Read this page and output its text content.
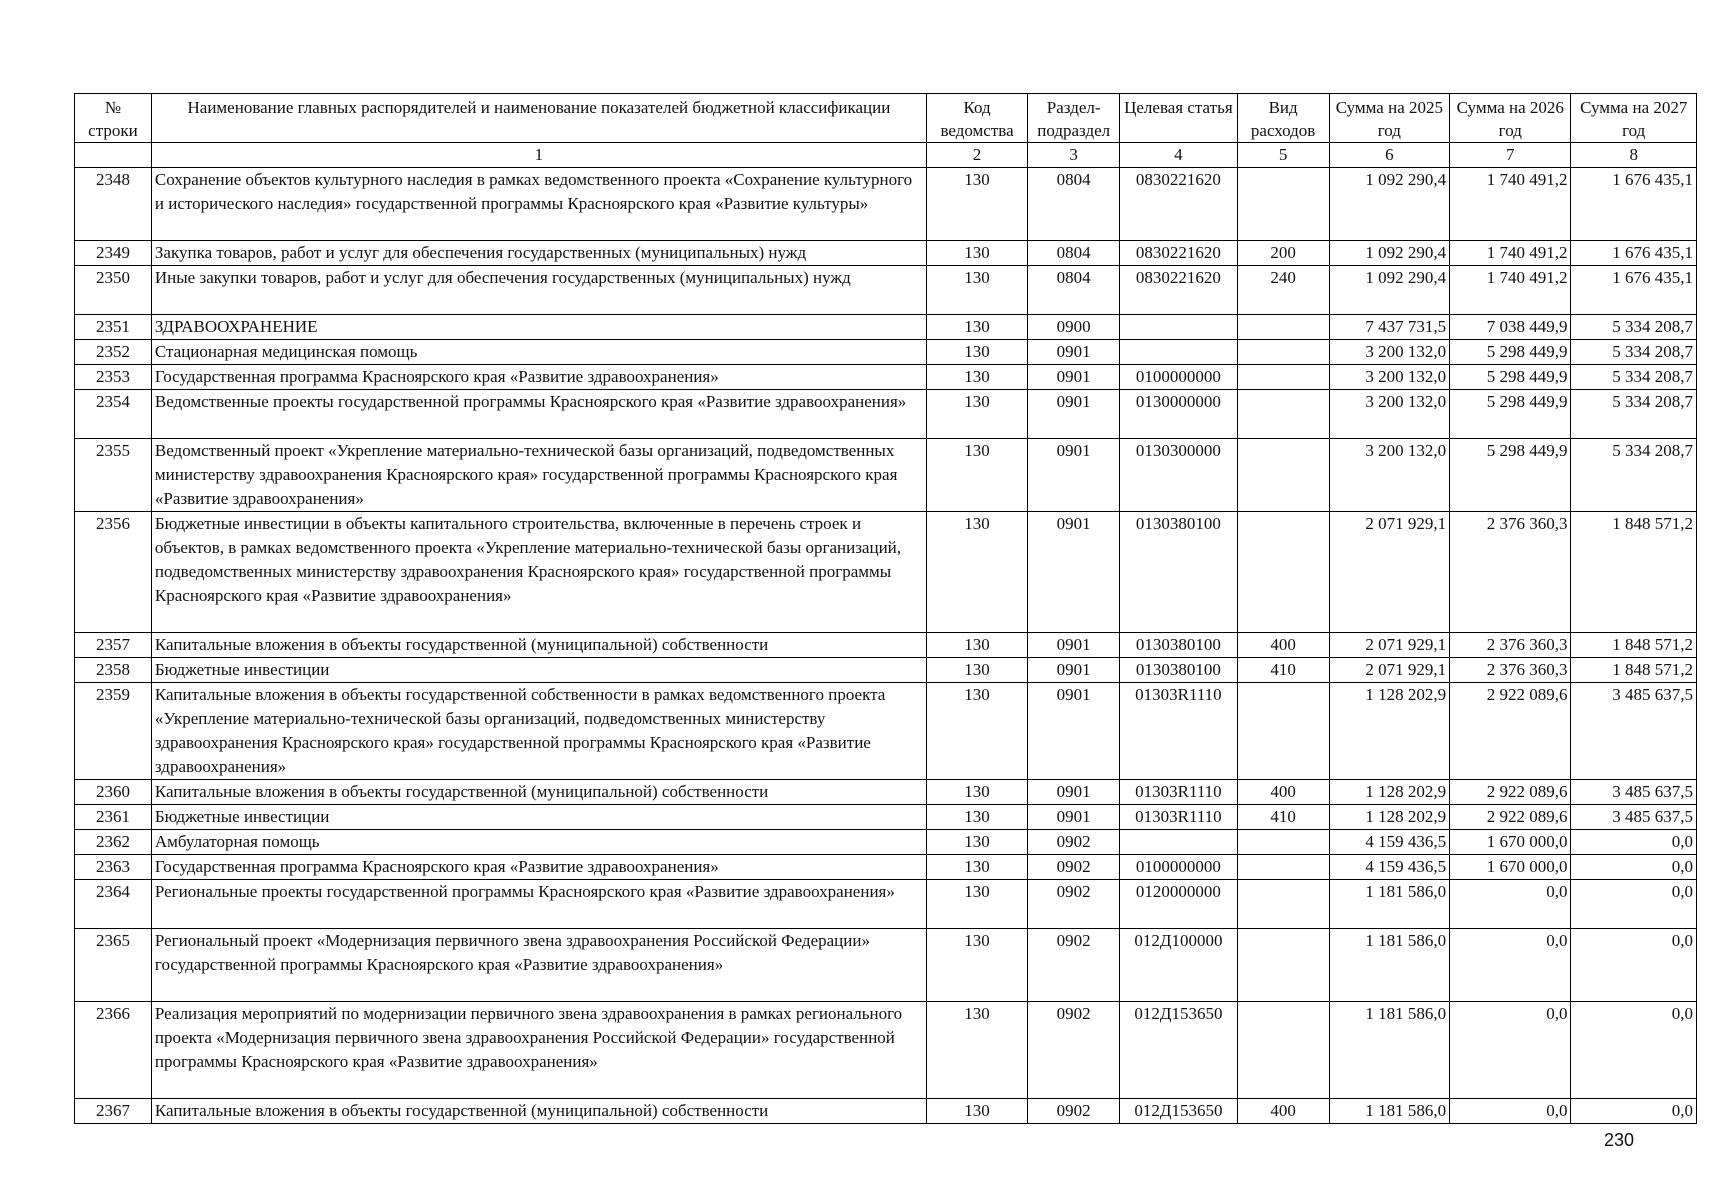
№ строки	Наименование главных распорядителей и наименование показателей бюджетной классификации	Код ведомства	Раздел-подраздел	Целевая статья	Вид расходов	Сумма на 2025 год	Сумма на 2026 год	Сумма на 2027 год
	1	2	3	4	5	6	7	8
2348	Сохранение объектов культурного наследия в рамках ведомственного проекта «Сохранение культурного и исторического наследия» государственной программы Красноярского края «Развитие культуры»	130	0804	0830221620		1 092 290,4	1 740 491,2	1 676 435,1
2349	Закупка товаров, работ и услуг для обеспечения государственных (муниципальных) нужд	130	0804	0830221620	200	1 092 290,4	1 740 491,2	1 676 435,1
2350	Иные закупки товаров, работ и услуг для обеспечения государственных (муниципальных) нужд	130	0804	0830221620	240	1 092 290,4	1 740 491,2	1 676 435,1
2351	ЗДРАВООХРАНЕНИЕ	130	0900			7 437 731,5	7 038 449,9	5 334 208,7
2352	Стационарная медицинская помощь	130	0901			3 200 132,0	5 298 449,9	5 334 208,7
2353	Государственная программа Красноярского края «Развитие здравоохранения»	130	0901	0100000000		3 200 132,0	5 298 449,9	5 334 208,7
2354	Ведомственные проекты государственной программы Красноярского края «Развитие здравоохранения»	130	0901	0130000000		3 200 132,0	5 298 449,9	5 334 208,7
2355	Ведомственный проект «Укрепление материально-технической базы организаций, подведомственных министерству здравоохранения Красноярского края» государственной программы Красноярского края «Развитие здравоохранения»	130	0901	0130300000		3 200 132,0	5 298 449,9	5 334 208,7
2356	Бюджетные инвестиции в объекты капитального строительства, включенные в перечень строек и объектов, в рамках ведомственного проекта «Укрепление материально-технической базы организаций, подведомственных министерству здравоохранения Красноярского края» государственной программы Красноярского края «Развитие здравоохранения»	130	0901	0130380100		2 071 929,1	2 376 360,3	1 848 571,2
2357	Капитальные вложения в объекты государственной (муниципальной) собственности	130	0901	0130380100	400	2 071 929,1	2 376 360,3	1 848 571,2
2358	Бюджетные инвестиции	130	0901	0130380100	410	2 071 929,1	2 376 360,3	1 848 571,2
2359	Капитальные вложения в объекты государственной собственности в рамках ведомственного проекта «Укрепление материально-технической базы организаций, подведомственных министерству здравоохранения Красноярского края» государственной программы Красноярского края «Развитие здравоохранения»	130	0901	01303R1110		1 128 202,9	2 922 089,6	3 485 637,5
2360	Капитальные вложения в объекты государственной (муниципальной) собственности	130	0901	01303R1110	400	1 128 202,9	2 922 089,6	3 485 637,5
2361	Бюджетные инвестиции	130	0901	01303R1110	410	1 128 202,9	2 922 089,6	3 485 637,5
2362	Амбулаторная помощь	130	0902			4 159 436,5	1 670 000,0	0,0
2363	Государственная программа Красноярского края «Развитие здравоохранения»	130	0902	0100000000		4 159 436,5	1 670 000,0	0,0
2364	Региональные проекты государственной программы Красноярского края «Развитие здравоохранения»	130	0902	0120000000		1 181 586,0	0,0	0,0
2365	Региональный проект «Модернизация первичного звена здравоохранения Российской Федерации» государственной программы Красноярского края «Развитие здравоохранения»	130	0902	012Д100000		1 181 586,0	0,0	0,0
2366	Реализация мероприятий по модернизации первичного звена здравоохранения в рамках регионального проекта «Модернизация первичного звена здравоохранения Российской Федерации» государственной программы Красноярского края «Развитие здравоохранения»	130	0902	012Д153650		1 181 586,0	0,0	0,0
2367	Капитальные вложения в объекты государственной (муниципальной) собственности	130	0902	012Д153650	400	1 181 586,0	0,0	0,0
230
